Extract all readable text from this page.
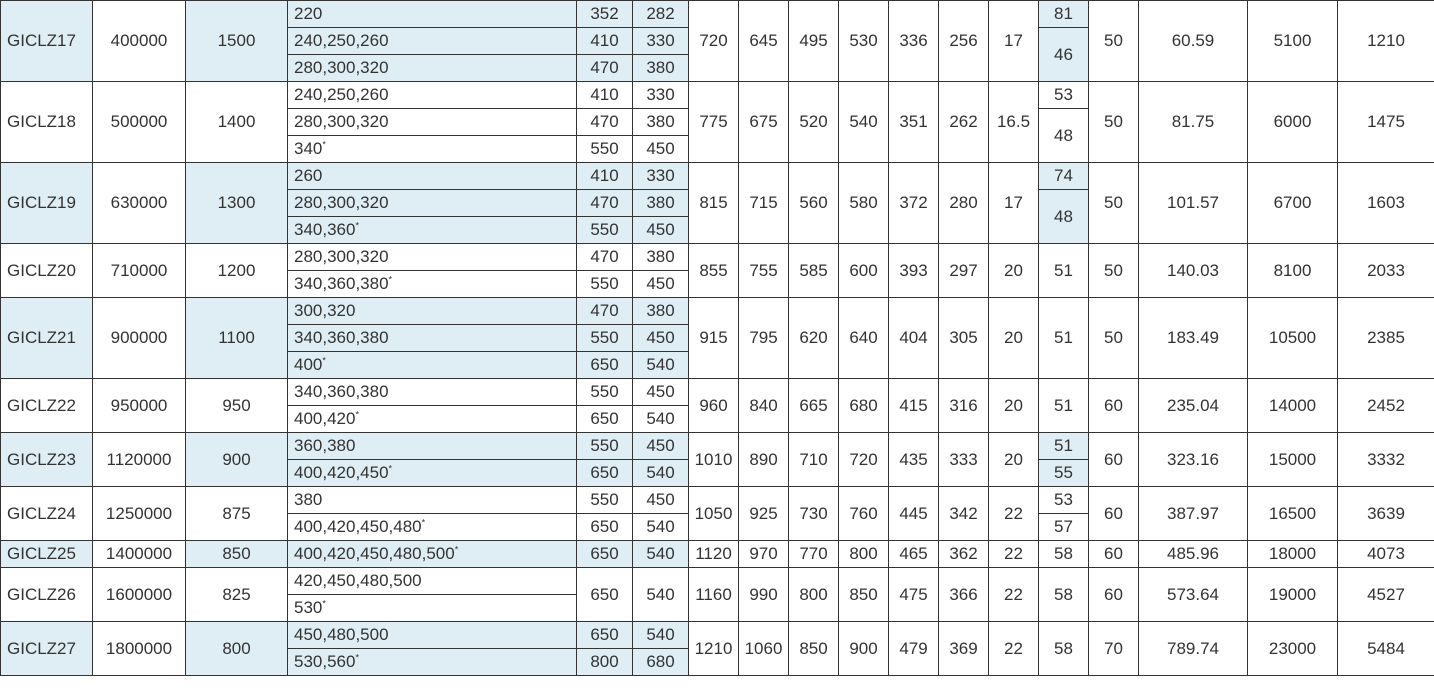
GICLZ17	400000	1500	220	352	282	720	645	495	530	336	256	17	81	50	60.59	5100	1210
			240,250,260	410	330								46				
			280,300,320	470	380												
GICLZ18	500000	1400	240,250,260	410	330	775	675	520	540	351	262	16.5	53	50	81.75	6000	1475
			280,300,320	470	380								48				
			340*	550	450												
GICLZ19	630000	1300	260	410	330	815	715	560	580	372	280	17	74	50	101.57	6700	1603
			280,300,320	470	380								48				
			340,360*	550	450												
GICLZ20	710000	1200	280,300,320	470	380	855	755	585	600	393	297	20	51	50	140.03	8100	2033
			340,360,380*	550	450												
GICLZ21	900000	1100	300,320	470	380	915	795	620	640	404	305	20	51	50	183.49	10500	2385
			340,360,380	550	450												
			400*	650	540												
GICLZ22	950000	950	340,360,380	550	450	960	840	665	680	415	316	20	51	60	235.04	14000	2452
			400,420*	650	540												
GICLZ23	1120000	900	360,380	550	450	1010	890	710	720	435	333	20	51	60	323.16	15000	3332
			400,420,450*	650	540								55				
GICLZ24	1250000	875	380	550	450	1050	925	730	760	445	342	22	53	60	387.97	16500	3639
			400,420,450,480*	650	540								57				
GICLZ25	1400000	850	400,420,450,480,500*	650	540	1120	970	770	800	465	362	22	58	60	485.96	18000	4073
GICLZ26	1600000	825	420,450,480,500	650	540	1160	990	800	850	475	366	22	58	60	573.64	19000	4527
			530*
GICLZ27	1800000	800	450,480,500	650	540	1210	1060	850	900	479	369	22	58	70	789.74	23000	5484
			530,560*	800	680												
